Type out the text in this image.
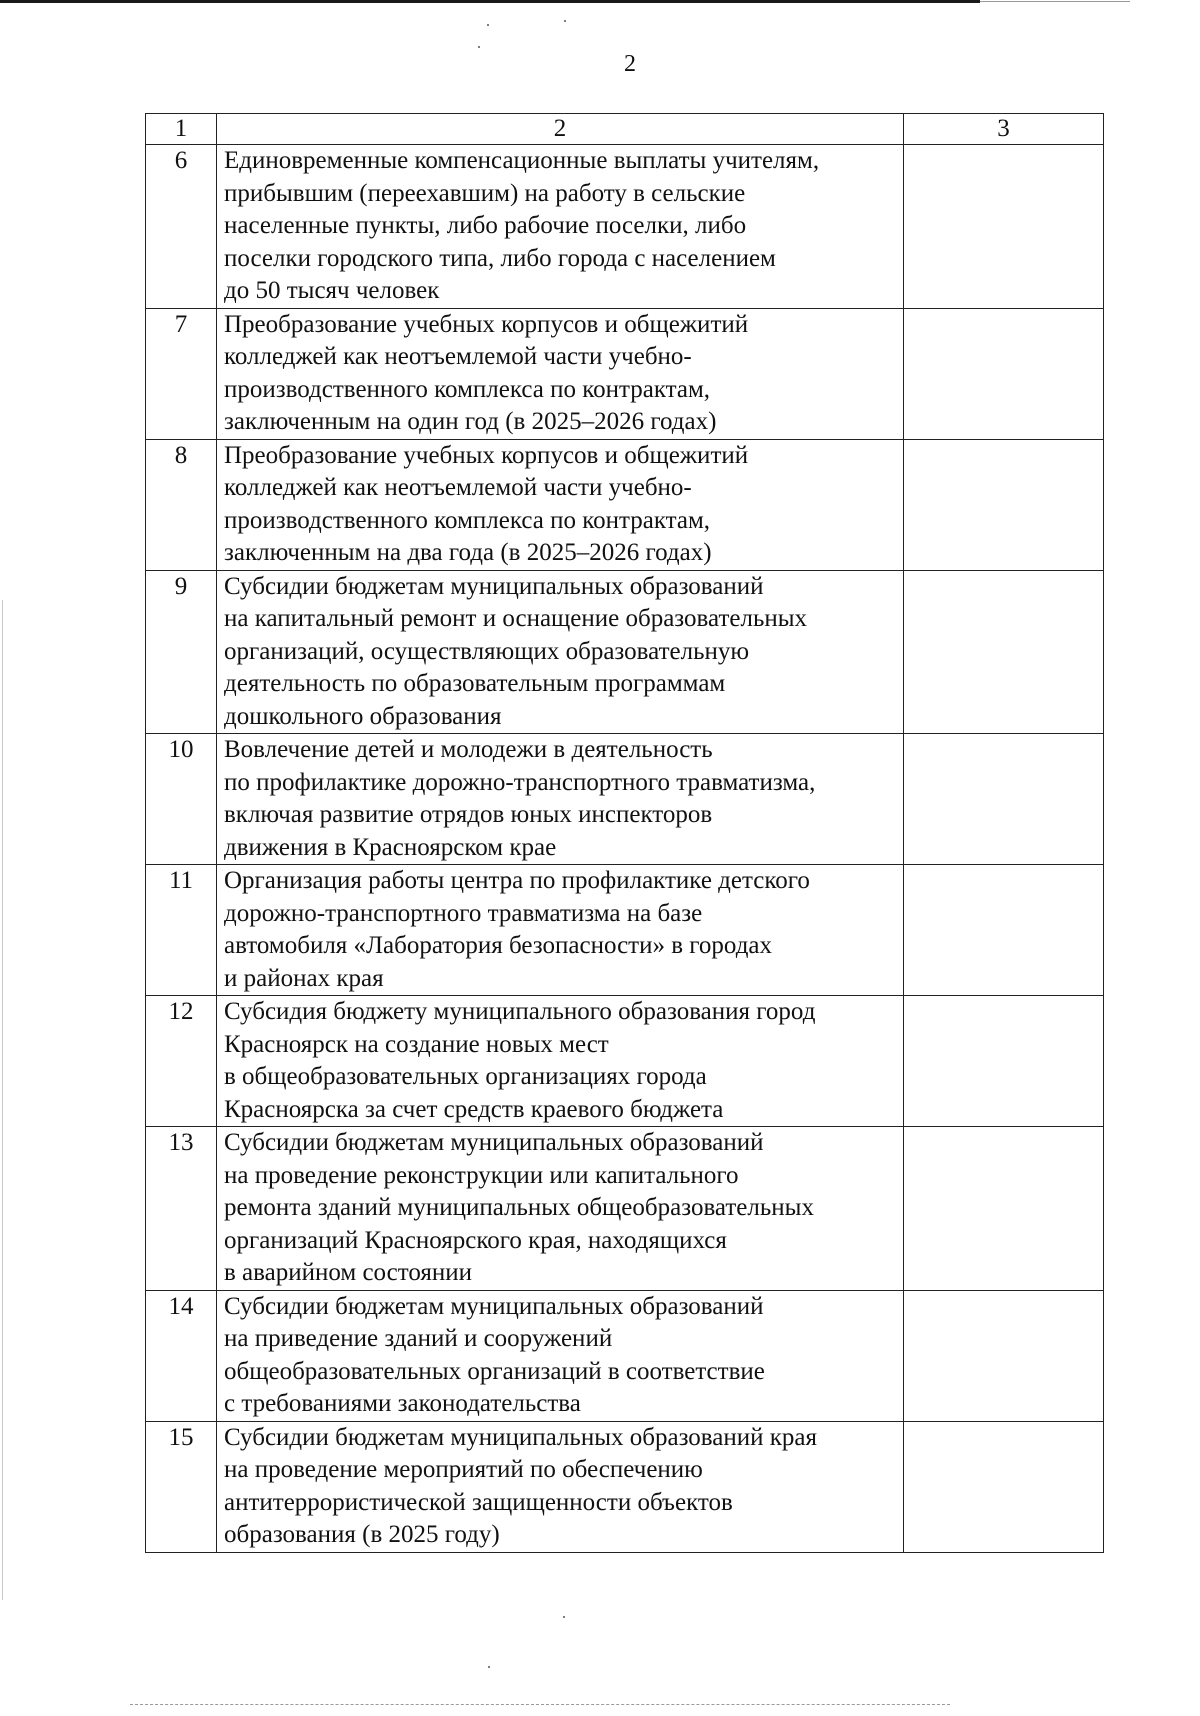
2
1	2	3
6	Единовременные компенсационные выплаты учителям,
прибывшим (переехавшим) на работу в сельские
населенные пункты, либо рабочие поселки, либо
поселки городского типа, либо города с населением
до 50 тысяч человек	

7	Преобразование учебных корпусов и общежитий
колледжей как неотъемлемой части учебно-
производственного комплекса по контрактам,
заключенным на один год (в 2025–2026 годах)	

8	Преобразование учебных корпусов и общежитий
колледжей как неотъемлемой части учебно-
производственного комплекса по контрактам,
заключенным на два года (в 2025–2026 годах)	

9	Субсидии бюджетам муниципальных образований
на капитальный ремонт и оснащение образовательных
организаций, осуществляющих образовательную
деятельность по образовательным программам
дошкольного образования	

10	Вовлечение детей и молодежи в деятельность
по профилактике дорожно-транспортного травматизма,
включая развитие отрядов юных инспекторов
движения в Красноярском крае	

11	Организация работы центра по профилактике детского
дорожно-транспортного травматизма на базе
автомобиля «Лаборатория безопасности» в городах
и районах края	

12	Субсидия бюджету муниципального образования город
Красноярск на создание новых мест
в общеобразовательных организациях города
Красноярска за счет средств краевого бюджета	

13	Субсидии бюджетам муниципальных образований
на проведение реконструкции или капитального
ремонта зданий муниципальных общеобразовательных
организаций Красноярского края, находящихся
в аварийном состоянии	

14	Субсидии бюджетам муниципальных образований
на приведение зданий и сооружений
общеобразовательных организаций в соответствие
с требованиями законодательства	

15	Субсидии бюджетам муниципальных образований края
на проведение мероприятий по обеспечению
антитеррористической защищенности объектов
образования (в 2025 году)	
